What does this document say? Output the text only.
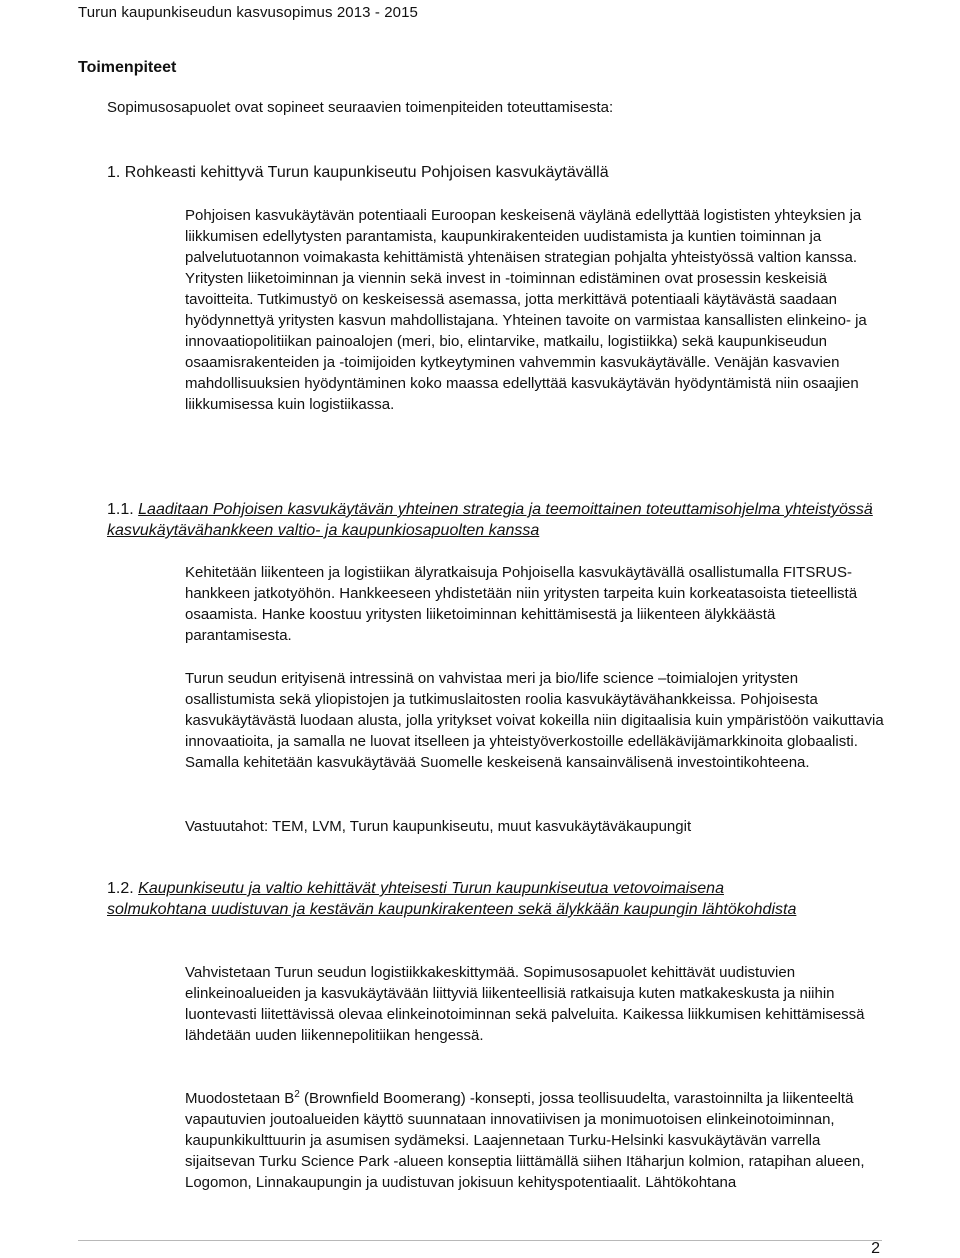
Turun kaupunkiseudun kasvusopimus 2013 - 2015
Toimenpiteet
Sopimusosapuolet ovat sopineet seuraavien toimenpiteiden toteuttamisesta:
1. Rohkeasti kehittyvä Turun kaupunkiseutu Pohjoisen kasvukäytävällä

Pohjoisen kasvukäytävän potentiaali Euroopan keskeisenä väylänä edellyttää logististen yhteyksien ja liikkumisen edellytysten parantamista, kaupunkirakenteiden uudistamista ja kuntien toiminnan ja palvelutuotannon voimakasta kehittämistä yhtenäisen strategian pohjalta yhteistyössä valtion kanssa. Yritysten liiketoiminnan ja viennin sekä invest in -toiminnan edistäminen ovat prosessin keskeisiä tavoitteita. Tutkimustyö on keskeisessä asemassa, jotta merkittävä potentiaali käytävästä saadaan hyödynnettyä yritysten kasvun mahdollistajana. Yhteinen tavoite on varmistaa kansallisten elinkeino- ja innovaatiopolitiikan painoalojen (meri, bio, elintarvike, matkailu, logistiikka) sekä kaupunkiseudun osaamisrakenteiden ja -toimijoiden kytkeytyminen vahvemmin kasvukäytävälle. Venäjän kasvavien mahdollisuuksien hyödyntäminen koko maassa edellyttää kasvukäytävän hyödyntämistä niin osaajien liikkumisessa kuin logistiikassa.

1.1. Laaditaan Pohjoisen kasvukäytävän yhteinen strategia ja teemoittainen toteuttamisohjelma yhteistyössä kasvukäytävähankkeen valtio- ja kaupunkiosapuolten kanssa

Kehitetään liikenteen ja logistiikan älyratkaisuja Pohjoisella kasvukäytävällä osallistumalla FITSRUS-hankkeen jatkotyöhön. Hankkeeseen yhdistetään niin yritysten tarpeita kuin korkeatasoista tieteellistä osaamista. Hanke koostuu yritysten liiketoiminnan kehittämisestä ja liikenteen älykkäästä parantamisesta.

Turun seudun erityisenä intressinä on vahvistaa meri ja bio/life science –toimialojen yritysten osallistumista sekä yliopistojen ja tutkimuslaitosten roolia kasvukäytävähankkeissa. Pohjoisesta kasvukäytävästä luodaan alusta, jolla yritykset voivat kokeilla niin digitaalisia kuin ympäristöön vaikuttavia innovaatioita, ja samalla ne luovat itselleen ja yhteistyöverkostoille edelläkävijämarkkinoita globaalisti. Samalla kehitetään kasvukäytävää Suomelle keskeisenä kansainvälisenä investointikohteena.

Vastuutahot: TEM, LVM, Turun kaupunkiseutu, muut kasvukäytäväkaupungit

1.2. Kaupunkiseutu ja valtio kehittävät yhteisesti Turun kaupunkiseutua vetovoimaisena solmukohtana uudistuvan ja kestävän kaupunkirakenteen sekä älykkään kaupungin lähtökohdista

Vahvistetaan Turun seudun logistiikkakeskittymää. Sopimusosapuolet kehittävät uudistuvien elinkeinoalueiden ja kasvukäytävään liittyviä liikenteellisiä ratkaisuja kuten matkakeskusta ja niihin luontevasti liitettävissä olevaa elinkeinotoiminnan sekä palveluita. Kaikessa liikkumisen kehittämisessä lähdetään uuden liikennepolitiikan hengessä.

Muodostetaan $B^2$ (Brownfield Boomerang) -konsepti, jossa teollisuudelta, varastoinnilta ja liikenteeltä vapautuvien joutoalueiden käyttö suunnataan innovatiivisen ja monimuotoisen elinkeinotoiminnan, kaupunkikulttuurin ja asumisen sydämeksi. Laajennetaan Turku-Helsinki kasvukäytävän varrella sijaitsevan Turku Science Park -alueen konseptia liittämällä siihen Itäharjun kolmion, ratapihan alueen, Logomon, Linnakaupungin ja uudistuvan jokisuun kehityspotentiaalit. Lähtökohtana

2
